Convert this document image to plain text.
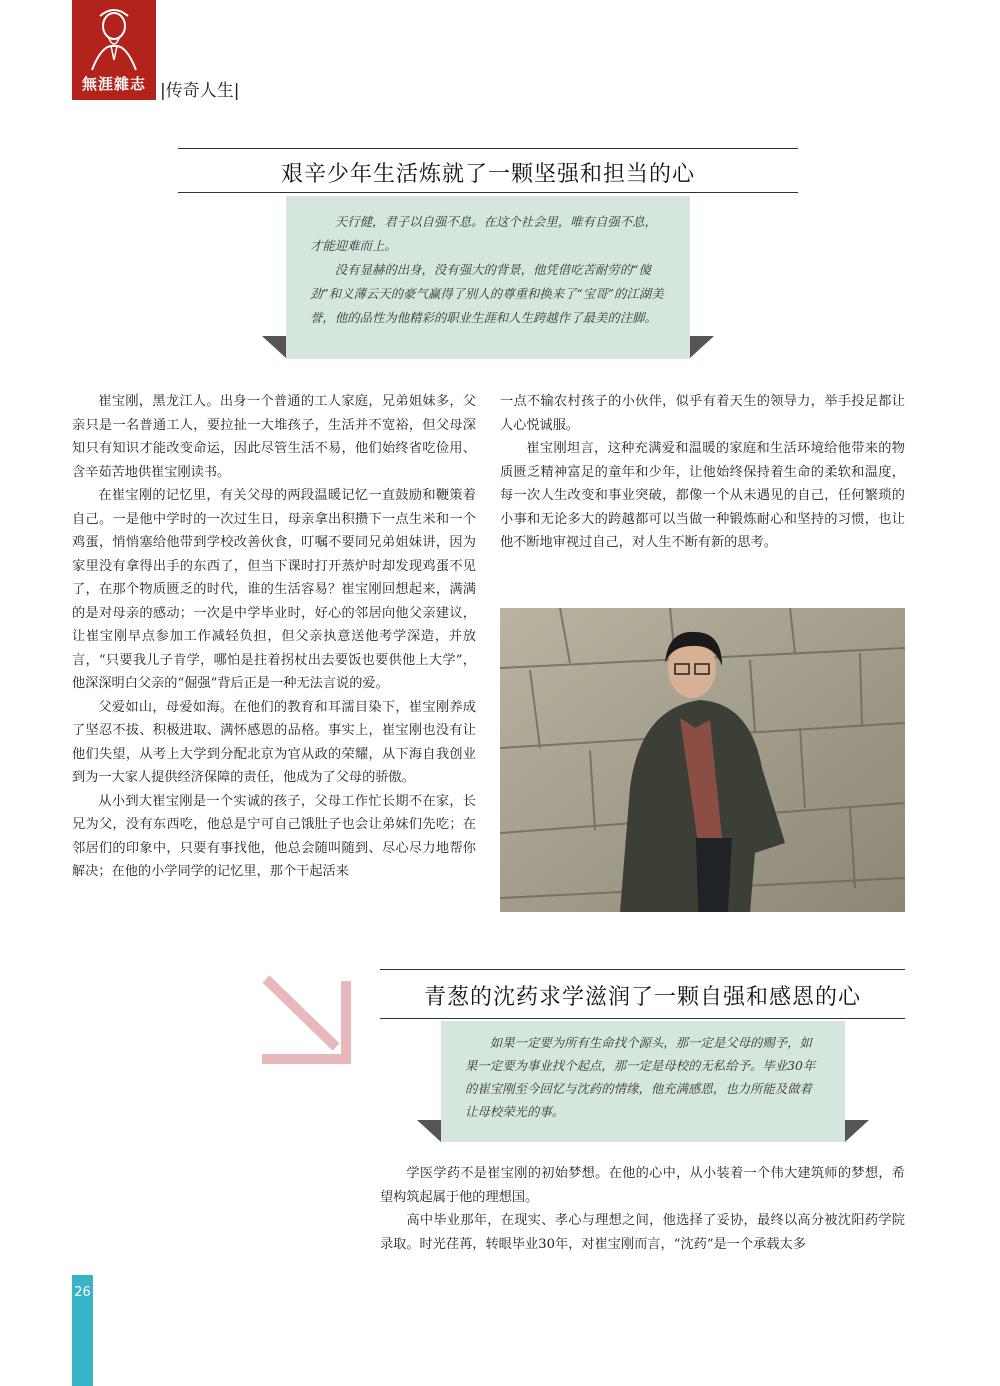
無涯雜志 |传奇人生|
艰辛少年生活炼就了一颗坚强和担当的心

天行健，君子以自强不息。在这个社会里，唯有自强不息，才能迎难而上。

没有显赫的出身，没有强大的背景，他凭借吃苦耐劳的“傻劲”和义薄云天的豪气赢得了别人的尊重和换来了“宝哥”的江湖美誉，他的品性为他精彩的职业生涯和人生跨越作了最美的注脚。

崔宝刚，黑龙江人。出身一个普通的工人家庭，兄弟姐妹多，父亲只是一名普通工人，要拉扯一大堆孩子，生活并不宽裕，但父母深知只有知识才能改变命运，因此尽管生活不易，他们始终省吃俭用、含辛茹苦地供崔宝刚读书。

在崔宝刚的记忆里，有关父母的两段温暖记忆一直鼓励和鞭策着自己。一是他中学时的一次过生日，母亲拿出积攒下一点生米和一个鸡蛋，悄悄塞给他带到学校改善伙食，叮嘱不要同兄弟姐妹讲，因为家里没有拿得出手的东西了，但当下课时打开蒸炉时却发现鸡蛋不见了，在那个物质匮乏的时代，谁的生活容易？崔宝刚回想起来，满满的是对母亲的感动；一次是中学毕业时，好心的邻居向他父亲建议，让崔宝刚早点参加工作减轻负担，但父亲执意送他考学深造，并放言，“只要我儿子肯学，哪怕是拄着拐杖出去要饭也要供他上大学”，他深深明白父亲的“倔强”背后正是一种无法言说的爱。

父爱如山，母爱如海。在他们的教育和耳濡目染下，崔宝刚养成了坚忍不拔、积极进取、满怀感恩的品格。事实上，崔宝刚也没有让他们失望，从考上大学到分配北京为官从政的荣耀，从下海自我创业到为一大家人提供经济保障的责任，他成为了父母的骄傲。

从小到大崔宝刚是一个实诚的孩子，父母工作忙长期不在家，长兄为父，没有东西吃，他总是宁可自己饿肚子也会让弟妹们先吃；在邻居们的印象中，只要有事找他，他总会随叫随到、尽心尽力地帮你解决；在他的小学同学的记忆里，那个干起活来

一点不输农村孩子的小伙伴，似乎有着天生的领导力，举手投足都让人心悦诚服。

崔宝刚坦言，这种充满爱和温暖的家庭和生活环境给他带来的物质匮乏精神富足的童年和少年，让他始终保持着生命的柔软和温度，每一次人生改变和事业突破，都像一个从未遇见的自己，任何繁琐的小事和无论多大的跨越都可以当做一种锻炼耐心和坚持的习惯，也让他不断地审视过自己，对人生不断有新的思考。

青葱的沈药求学滋润了一颗自强和感恩的心

如果一定要为所有生命找个源头，那一定是父母的赐予，如果一定要为事业找个起点，那一定是母校的无私给予。毕业30年的崔宝刚至今回忆与沈药的情缘，他充满感恩，也力所能及做着让母校荣光的事。

学医学药不是崔宝刚的初始梦想。在他的心中，从小装着一个伟大建筑师的梦想，希望构筑起属于他的理想国。

高中毕业那年，在现实、孝心与理想之间，他选择了妥协，最终以高分被沈阳药学院录取。时光荏苒，转眼毕业30年，对崔宝刚而言，“沈药”是一个承载太多

26
